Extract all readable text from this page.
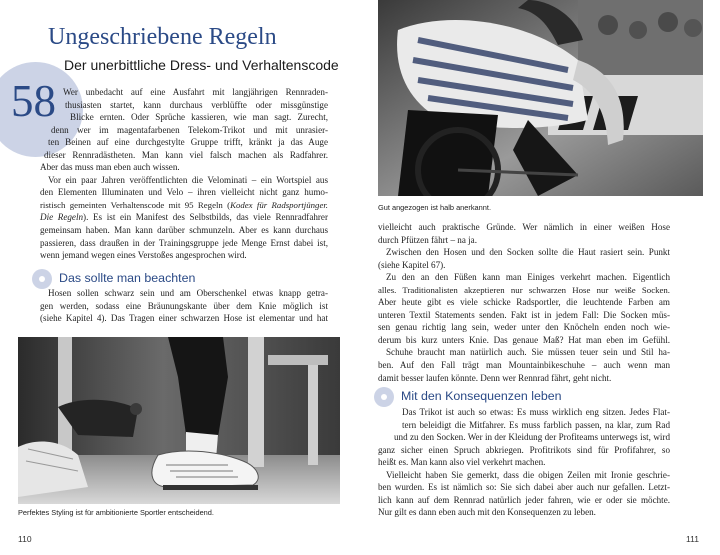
58
Ungeschriebene Regeln
Der unerbittliche Dress- und Verhaltenscode
Wer unbedacht auf eine Ausfahrt mit langjährigen Rennraden-
thusiasten startet, kann durchaus verblüffte oder missgünstige
Blicke ernten. Oder Sprüche kassieren, wie man sagt. Zurecht,
denn wer im magentafarbenen Telekom-Trikot und mit unrasier-
ten Beinen auf eine durchgestylte Gruppe trifft, kränkt ja das Auge
dieser Rennradästheten. Man kann viel falsch machen als Radfahrer.
Aber das muss man eben auch wissen.
Vor ein paar Jahren veröffentlichten die Velominati – ein Wortspiel aus
den Elementen Illuminaten und Velo – ihren vielleicht nicht ganz humo-
ristisch gemeinten Verhaltenscode mit 95 Regeln (Kodex für Radsportjünger.
Die Regeln). Es ist ein Manifest des Selbstbilds, das viele Rennradfahrer
gemeinsam haben. Man kann darüber schmunzeln. Aber es kann durchaus
passieren, dass draußen in der Trainingsgruppe jede Menge Ernst dabei ist,
wenn jemand wegen eines Verstoßes angesprochen wird.
Das sollte man beachten
Hosen sollen schwarz sein und am Oberschenkel etwas knapp getra-
gen werden, sodass eine Bräunungskante über dem Knie möglich ist
(siehe Kapitel 4). Das Tragen einer schwarzen Hose ist elementar und hat
Perfektes Styling ist für ambitionierte Sportler entscheidend.
110
Gut angezogen ist halb anerkannt.
vielleicht auch praktische Gründe. Wer nämlich in einer weißen Hose
durch Pfützen fährt – na ja.
Zwischen den Hosen und den Socken sollte die Haut rasiert sein. Punkt
(siehe Kapitel 67).
Zu den an den Füßen kann man Einiges verkehrt machen. Eigentlich
alles. Traditionalisten akzeptieren nur schwarzen Hose nur weiße Socken.
Aber heute gibt es viele schicke Radsportler, die leuchtende Farben am
unteren Textil Statements senden. Fakt ist in jedem Fall: Die Socken müs-
sen genau richtig lang sein, weder unter den Knöcheln enden noch wie-
derum bis kurz unters Knie. Das genaue Maß? Hat man eben im Gefühl.
Schuhe braucht man natürlich auch. Sie müssen teuer sein und Stil ha-
ben. Auf den Fall trägt man Mountainbikeschuhe – auch wenn man
damit besser laufen könnte. Denn wer Rennrad fährt, geht nicht.
Mit den Konsequenzen leben
Das Trikot ist auch so etwas: Es muss wirklich eng sitzen. Jedes Flat-
tern beleidigt die Mitfahrer. Es muss farblich passen, na klar, zum Rad
und zu den Socken. Wer in der Kleidung der Profiteams unterwegs ist, wird
ganz sicher einen Spruch abkriegen. Profitrikots sind für Profifahrer, so
heißt es. Man kann also viel verkehrt machen.
Vielleicht haben Sie gemerkt, dass die obigen Zeilen mit Ironie geschrie-
ben wurden. Es ist nämlich so: Sie sich dabei aber auch nur gefallen. Letzt-
lich kann auf dem Rennrad natürlich jeder fahren, wie er oder sie möchte.
Nur gilt es dann eben auch mit den Konsequenzen zu leben.
111
